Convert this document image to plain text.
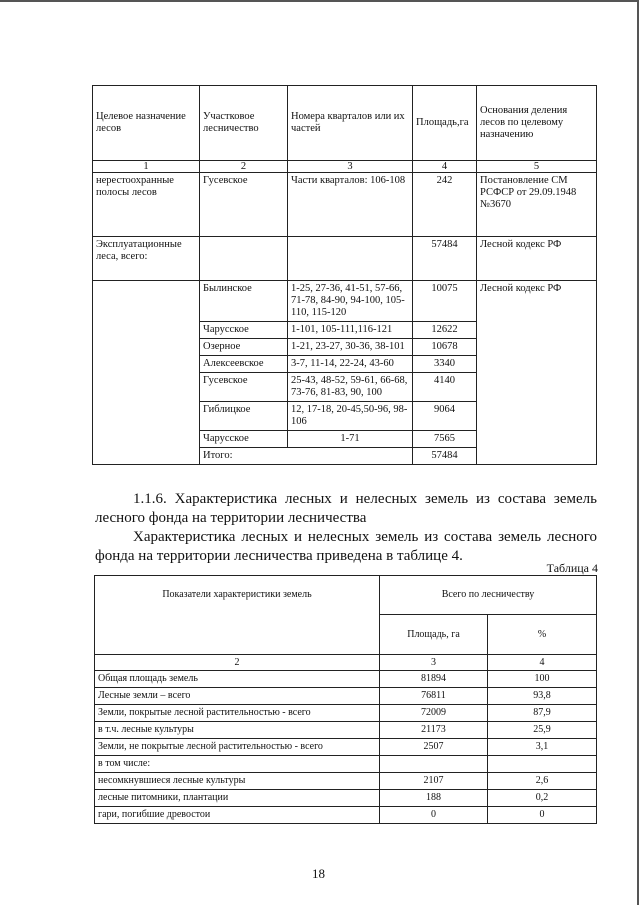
Целевое назначение лесов	Участковое лесничество	Номера кварталов или их частей	Площадь,га	Основания деления лесов по целевому назначению
1	2	3	4	5
нерестоохранные полосы лесов	Гусевское	Части кварталов: 106-108	242	Постановление СМ РСФСР от 29.09.1948 №3670
Эксплуатационные леса, всего:			57484	Лесной кодекс РФ
	Былинское	1-25, 27-36, 41-51, 57-66, 71-78, 84-90, 94-100, 105-110, 115-120	10075	Лесной кодекс РФ
	Чарусское	1-101, 105-111,116-121	12622	
	Озерное	1-21, 23-27, 30-36, 38-101	10678	
	Алексеевское	3-7, 11-14, 22-24, 43-60	3340	
	Гусевское	25-43, 48-52, 59-61, 66-68, 73-76, 81-83, 90, 100	4140	
	Гиблицкое	12, 17-18, 20-45,50-96, 98-106	9064	
	Чарусское	1-71	7565	
	Итого:		57484	

1.1.6. Характеристика лесных и нелесных земель из состава земель лесного фонда на территории лесничества

Характеристика лесных и нелесных земель из состава земель лесного фонда на территории лесничества приведена в таблице 4.

Таблица 4
Показатели характеристики земель	Всего по лесничеству	
	Площадь, га	%
2	3	4
Общая площадь земель	81894	100
Лесные земли – всего	76811	93,8
Земли, покрытые лесной растительностью - всего	72009	87,9
в т.ч. лесные культуры	21173	25,9
Земли, не покрытые лесной растительностью - всего	2507	3,1
в том числе:		
несомкнувшиеся лесные культуры	2107	2,6
лесные питомники, плантации	188	0,2
гари, погибшие древостои	0	0
18
